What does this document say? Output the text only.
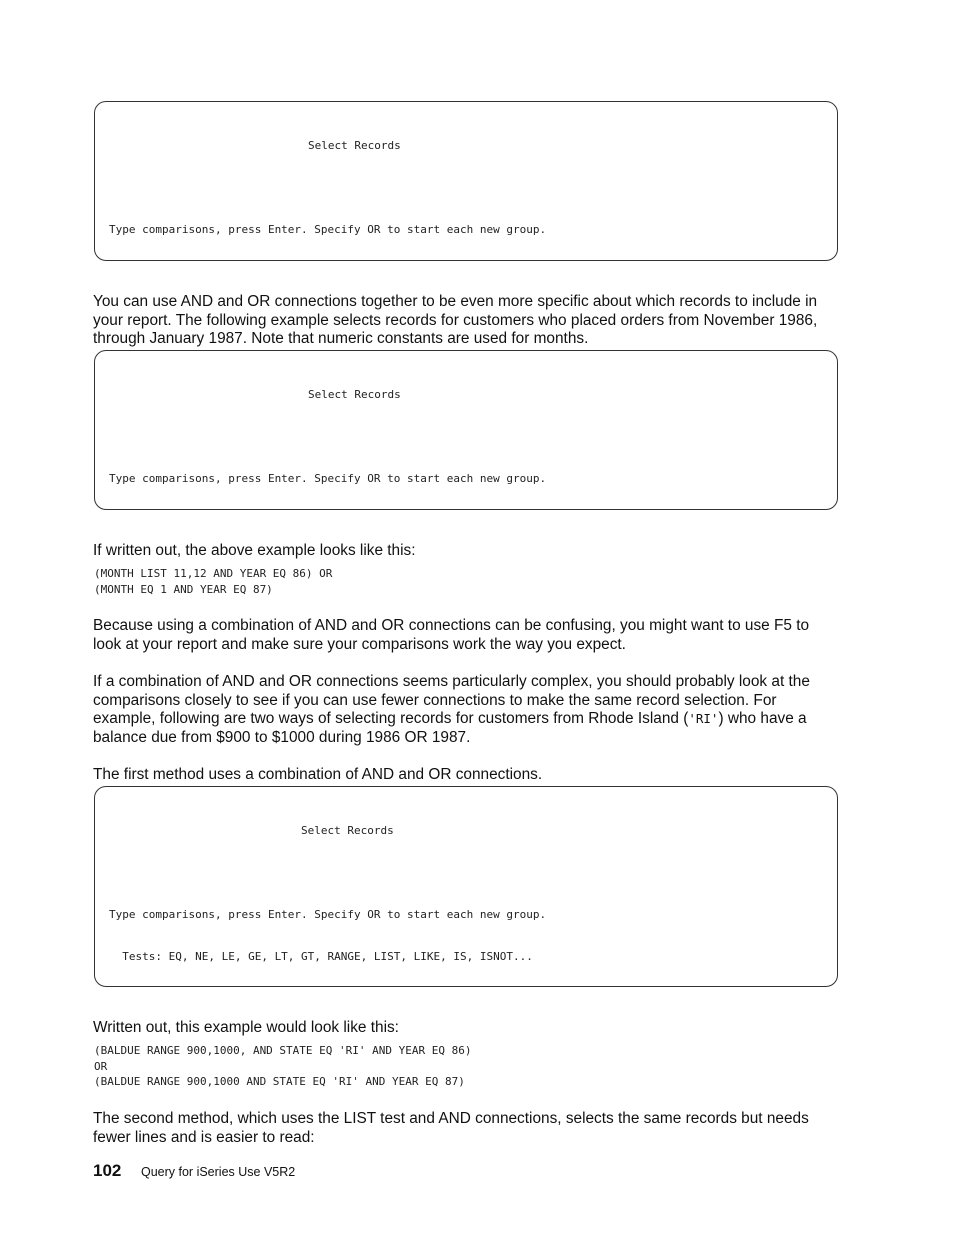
Select Records

Type comparisons, press Enter. Specify OR to start each new group.

You can use AND and OR connections together to be even more specific about which records to include in your report. The following example selects records for customers who placed orders from November 1986, through January 1987. Note that numeric constants are used for months.

Select Records

Type comparisons, press Enter. Specify OR to start each new group.

If written out, the above example looks like this:
(MONTH LIST 11,12 AND YEAR EQ 86) OR
(MONTH EQ 1 AND YEAR EQ 87)
Because using a combination of AND and OR connections can be confusing, you might want to use F5 to look at your report and make sure your comparisons work the way you expect.
If a combination of AND and OR connections seems particularly complex, you should probably look at the comparisons closely to see if you can use fewer connections to make the same record selection. For example, following are two ways of selecting records for customers from Rhode Island ('RI') who have a balance due from $900 to $1000 during 1986 OR 1987.
The first method uses a combination of AND and OR connections.

Select Records

Type comparisons, press Enter. Specify OR to start each new group.

Tests: EQ, NE, LE, GE, LT, GT, RANGE, LIST, LIKE, IS, ISNOT...

Written out, this example would look like this:
(BALDUE RANGE 900,1000, AND STATE EQ 'RI' AND YEAR EQ 86)
OR
(BALDUE RANGE 900,1000 AND STATE EQ 'RI' AND YEAR EQ 87)
The second method, which uses the LIST test and AND connections, selects the same records but needs fewer lines and is easier to read:
102 Query for iSeries Use V5R2
